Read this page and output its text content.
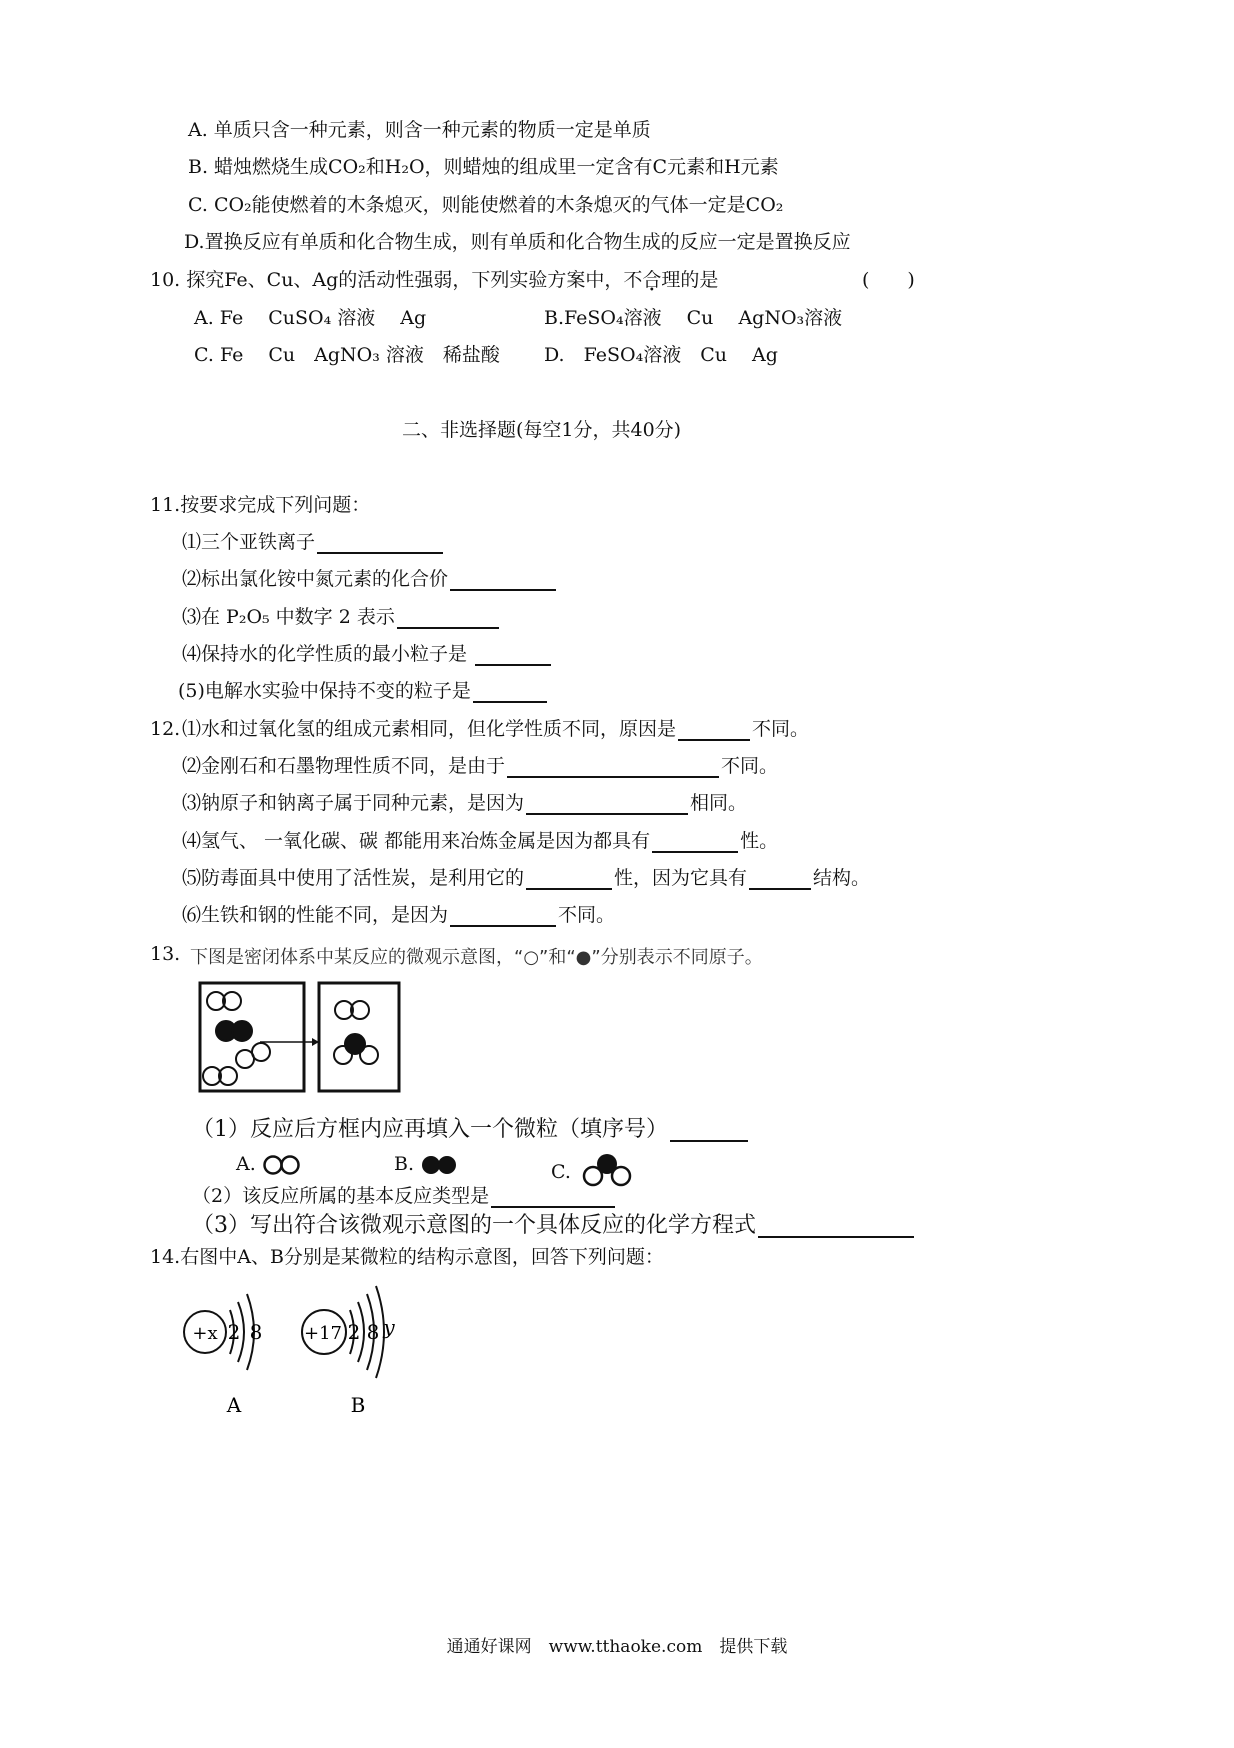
A. 单质只含一种元素，则含一种元素的物质一定是单质
B. 蜡烛燃烧生成CO₂和H₂O，则蜡烛的组成里一定含有C元素和H元素
C. CO₂能使燃着的木条熄灭，则能使燃着的木条熄灭的气体一定是CO₂
D.置换反应有单质和化合物生成，则有单质和化合物生成的反应一定是置换反应
10. 探究Fe、Cu、Ag的活动性强弱，下列实验方案中，不合理的是	(　　)
A. Fe　 CuSO₄ 溶液　 Ag	B.FeSO₄溶液　 Cu　 AgNO₃溶液
C. Fe　 Cu　AgNO₃ 溶液　稀盐酸 D.　FeSO₄溶液　Cu　 Ag
二、非选择题(每空1分，共40分)
11.按要求完成下列问题：
⑴三个亚铁离子
⑵标出氯化铵中氮元素的化合价
⑶在 P₂O₅ 中数字 2 表示
⑷保持水的化学性质的最小粒子是
(5)电解水实验中保持不变的粒子是
12. ⑴水和过氧化氢的组成元素相同，但化学性质不同，原因是	不同。
⑵金刚石和石墨物理性质不同，是由于	不同。
⑶钠原子和钠离子属于同种元素，是因为	相同。
⑷氢气、 一氧化碳、碳 都能用来冶炼金属是因为都具有	性。
⑸防毒面具中使用了活性炭，是利用它的	性，因为它具有	结构。
⑹生铁和钢的性能不同，是因为	不同。
13. 下图是密闭体系中某反应的微观示意图，“○”和“●”分别表示不同原子。
（1）反应后方框内应再填入一个微粒（填序号）
A.	B.	C.
（2）该反应所属的基本反应类型是
（3）写出符合该微观示意图的一个具体反应的化学方程式
14.右图中A、B分别是某微粒的结构示意图，回答下列问题：
+x 2 8 +17 2 8 y
A	B
通通好课网　www.tthaoke.com　提供下载
